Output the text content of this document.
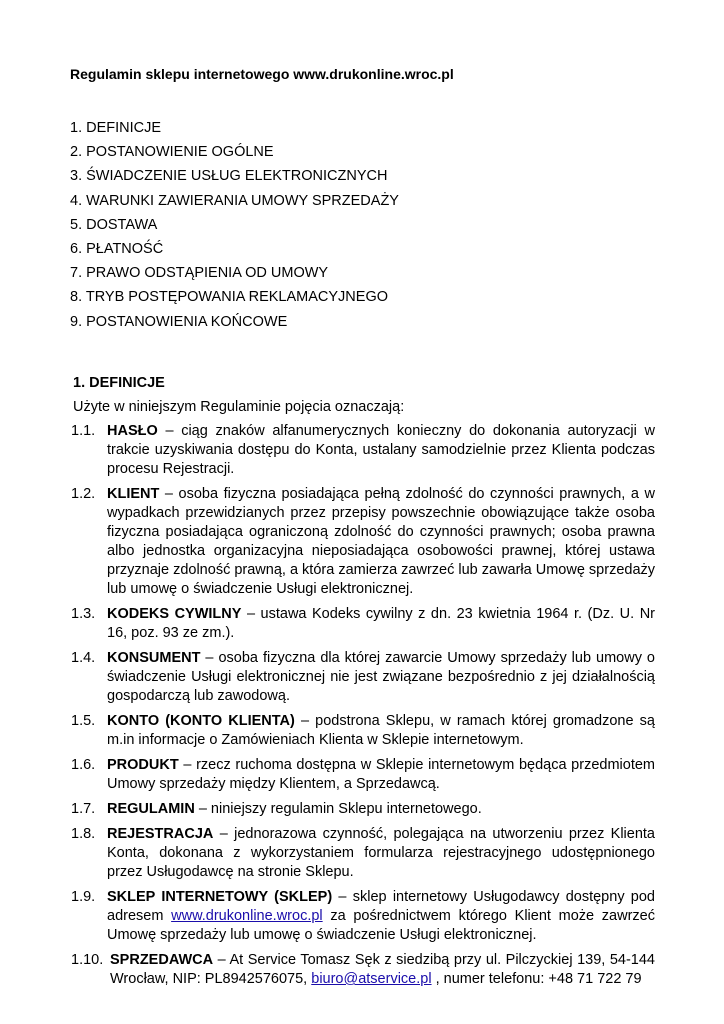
Regulamin sklepu internetowego www.drukonline.wroc.pl
1. DEFINICJE
2. POSTANOWIENIE OGÓLNE
3. ŚWIADCZENIE USŁUG ELEKTRONICZNYCH
4. WARUNKI ZAWIERANIA UMOWY SPRZEDAŻY
5. DOSTAWA
6. PŁATNOŚĆ
7. PRAWO ODSTĄPIENIA OD UMOWY
8. TRYB POSTĘPOWANIA REKLAMACYJNEGO
9. POSTANOWIENIA KOŃCOWE
1. DEFINICJE
Użyte w niniejszym Regulaminie pojęcia oznaczają:
1.1. HASŁO – ciąg znaków alfanumerycznych konieczny do dokonania autoryzacji w trakcie uzyskiwania dostępu do Konta, ustalany samodzielnie przez Klienta podczas procesu Rejestracji.
1.2. KLIENT – osoba fizyczna posiadająca pełną zdolność do czynności prawnych, a w wypadkach przewidzianych przez przepisy powszechnie obowiązujące także osoba fizyczna posiadająca ograniczoną zdolność do czynności prawnych; osoba prawna albo jednostka organizacyjna nieposiadająca osobowości prawnej, której ustawa przyznaje zdolność prawną, a która zamierza zawrzeć lub zawarła Umowę sprzedaży lub umowę o świadczenie Usługi elektronicznej.
1.3. KODEKS CYWILNY – ustawa Kodeks cywilny z dn. 23 kwietnia 1964 r. (Dz. U. Nr 16, poz. 93 ze zm.).
1.4. KONSUMENT – osoba fizyczna dla której zawarcie Umowy sprzedaży lub umowy o świadczenie Usługi elektronicznej nie jest związane bezpośrednio z jej działalnością gospodarczą lub zawodową.
1.5. KONTO (KONTO KLIENTA) – podstrona Sklepu, w ramach której gromadzone są m.in informacje o Zamówieniach Klienta w Sklepie internetowym.
1.6. PRODUKT – rzecz ruchoma dostępna w Sklepie internetowym będąca przedmiotem Umowy sprzedaży między Klientem, a Sprzedawcą.
1.7. REGULAMIN – niniejszy regulamin Sklepu internetowego.
1.8. REJESTRACJA – jednorazowa czynność, polegająca na utworzeniu przez Klienta Konta, dokonana z wykorzystaniem formularza rejestracyjnego udostępnionego przez Usługodawcę na stronie Sklepu.
1.9. SKLEP INTERNETOWY (SKLEP) – sklep internetowy Usługodawcy dostępny pod adresem www.drukonline.wroc.pl za pośrednictwem którego Klient może zawrzeć Umowę sprzedaży lub umowę o świadczenie Usługi elektronicznej.
1.10. SPRZEDAWCA – At Service Tomasz Sęk z siedzibą przy ul. Pilczyckiej 139, 54-144 Wrocław, NIP: PL8942576075, biuro@atservice.pl , numer telefonu: +48 71 722 79
